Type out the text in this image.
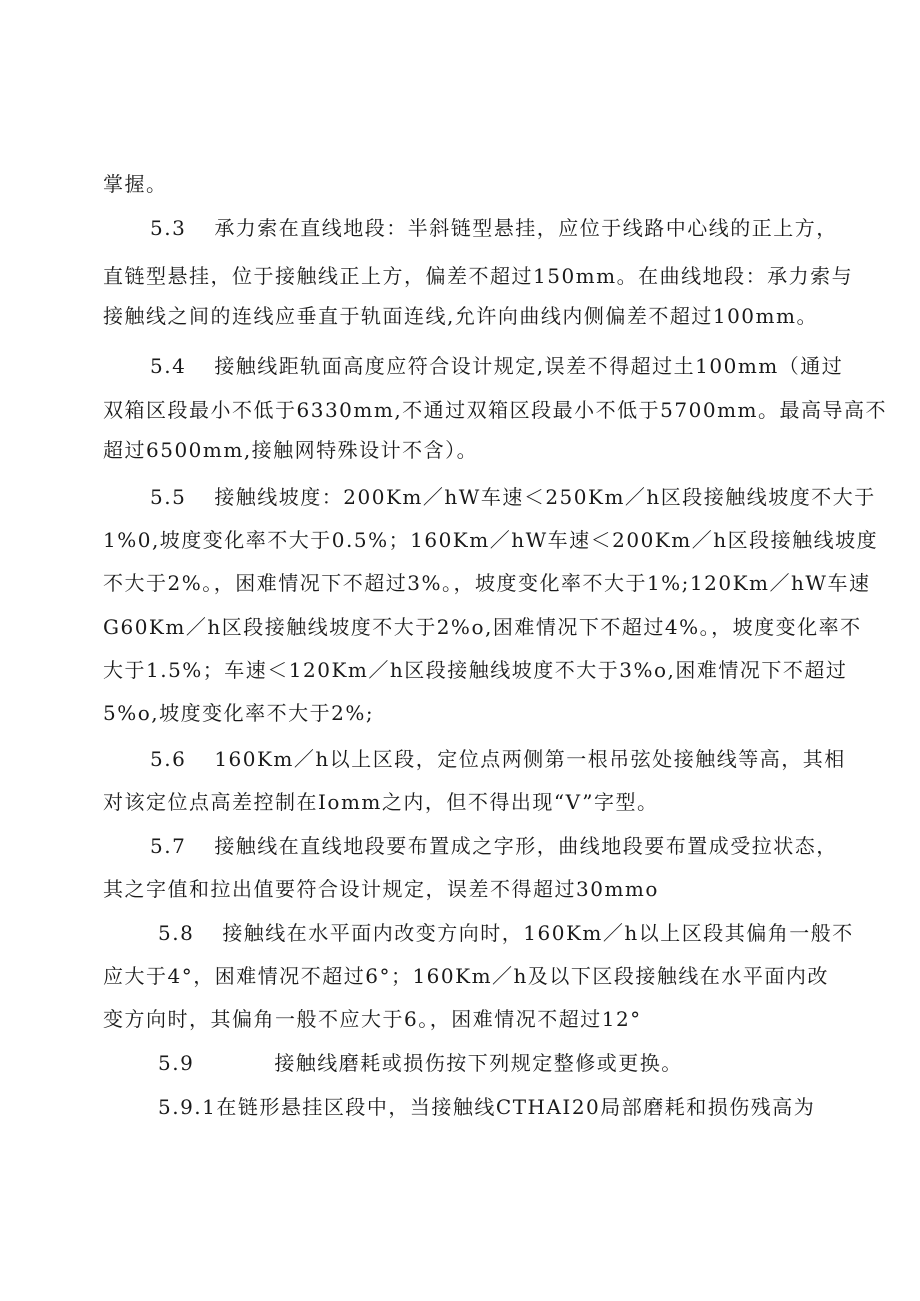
掌握。
5.3 承力索在直线地段：半斜链型悬挂，应位于线路中心线的正上方，
直链型悬挂，位于接触线正上方，偏差不超过150mm。在曲线地段：承力索与
接触线之间的连线应垂直于轨面连线,允许向曲线内侧偏差不超过100mm。
5.4 接触线距轨面高度应符合设计规定,误差不得超过土100mm（通过
双箱区段最小不低于6330mm,不通过双箱区段最小不低于5700mm。最高导高不
超过6500mm,接触网特殊设计不含）。
5.5 接触线坡度：200Km／hW车速＜250Km／h区段接触线坡度不大于
1%0,坡度变化率不大于0.5%；160Km／hW车速＜200Km／h区段接触线坡度
不大于2%。，困难情况下不超过3%。，坡度变化率不大于1%;120Km／hW车速
G60Km／h区段接触线坡度不大于2%o,困难情况下不超过4%。，坡度变化率不
大于1.5%；车速＜120Km／h区段接触线坡度不大于3%o,困难情况下不超过
5%o,坡度变化率不大于2%;
5.6 160Km／h以上区段，定位点两侧第一根吊弦处接触线等高，其相
对该定位点高差控制在Iomm之内，但不得出现“V”字型。
5.7 接触线在直线地段要布置成之字形，曲线地段要布置成受拉状态，
其之字值和拉出值要符合设计规定，误差不得超过30mmo
5.8 接触线在水平面内改变方向时，160Km／h以上区段其偏角一般不
应大于4°，困难情况不超过6°；160Km／h及以下区段接触线在水平面内改
变方向时，其偏角一般不应大于6。，困难情况不超过12°
5.9	接触线磨耗或损伤按下列规定整修或更换。
5.9.1在链形悬挂区段中，当接触线CTHAI20局部磨耗和损伤残高为
